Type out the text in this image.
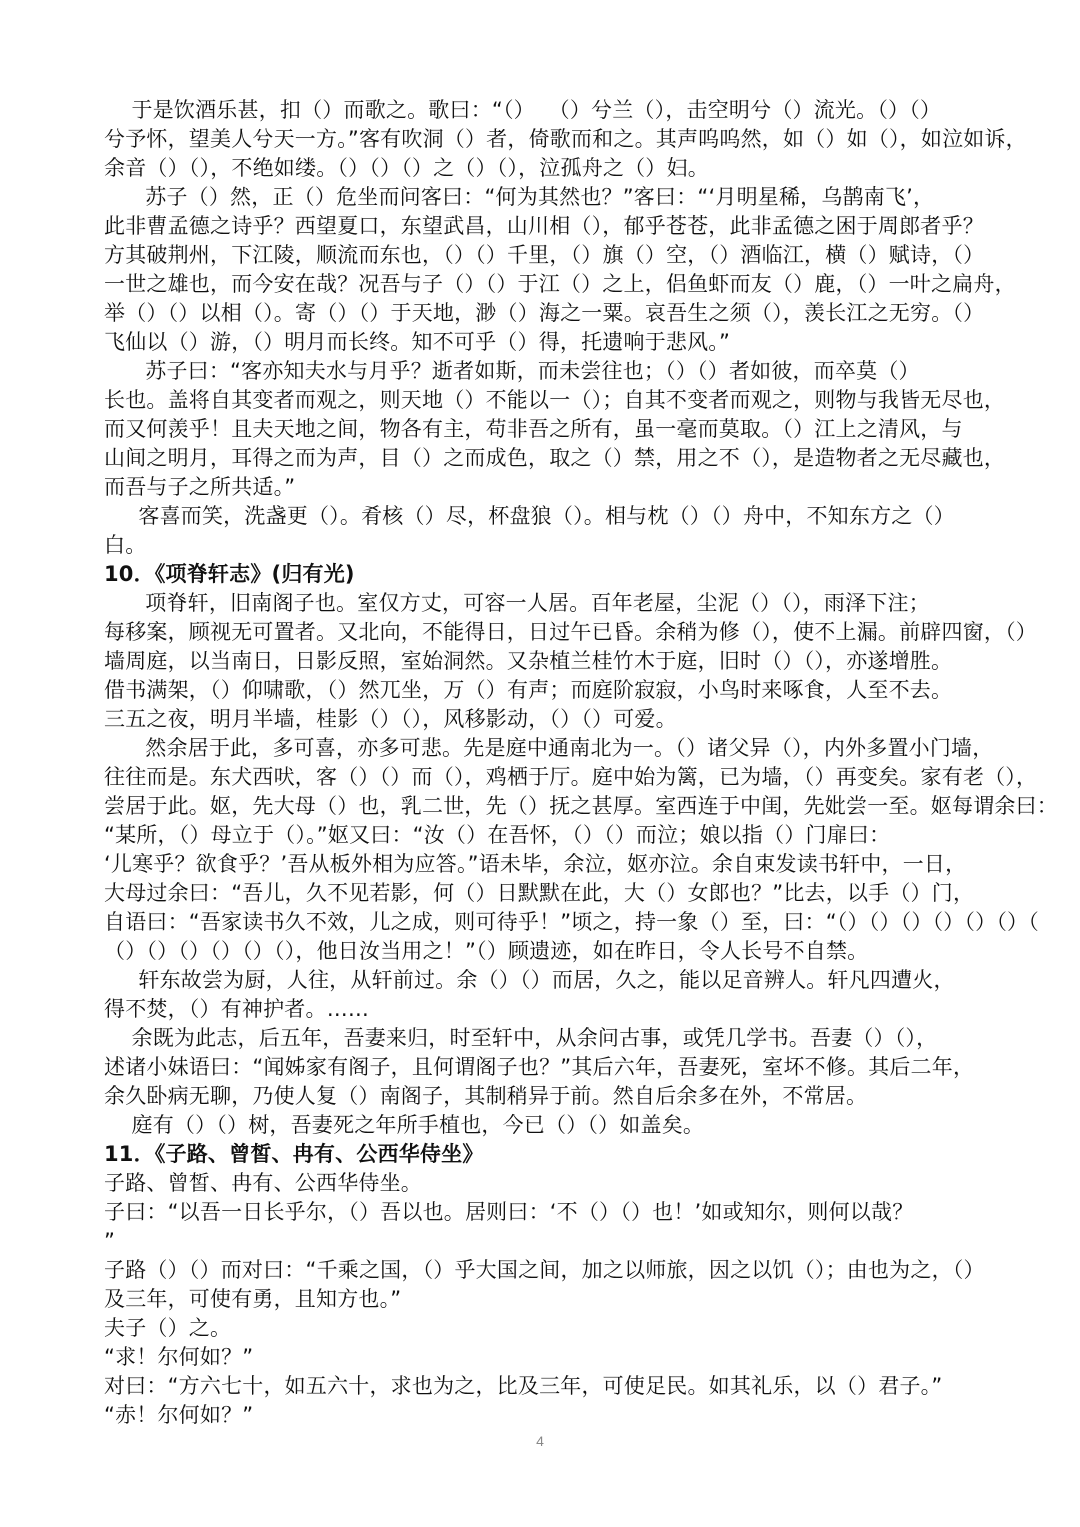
于是饮酒乐甚，扣（）而歌之。歌曰：“（）  （）兮兰（），击空明兮（）流光。（）（）
兮予怀，望美人兮天一方。”客有吹洞（）者，倚歌而和之。其声呜呜然，如（）如（），如泣如诉，
余音（）（），不绝如缕。（）（）（）之（）（），泣孤舟之（）妇。
苏子（）然，正（）危坐而问客曰：“何为其然也？”客曰：“‘月明星稀，乌鹊南飞’，
此非曹孟德之诗乎？西望夏口，东望武昌，山川相（），郁乎苍苍，此非孟德之困于周郎者乎？
方其破荆州，下江陵，顺流而东也，（）（）千里，（）旗（）空，（）酒临江，横（）赋诗，（）
一世之雄也，而今安在哉？况吾与子（）（）于江（）之上，侣鱼虾而友（）鹿，（）一叶之扁舟，
举（）（）以相（）。寄（）（）于天地，渺（）海之一粟。哀吾生之须（），羡长江之无穷。（）
飞仙以（）游，（）明月而长终。知不可乎（）得，托遗响于悲风。”
苏子曰：“客亦知夫水与月乎？逝者如斯，而未尝往也；（）（）者如彼，而卒莫（）
长也。盖将自其变者而观之，则天地（）不能以一（）；自其不变者而观之，则物与我皆无尽也，
而又何羡乎！且夫天地之间，物各有主，苟非吾之所有，虽一毫而莫取。（）江上之清风，与
山间之明月，耳得之而为声，目（）之而成色，取之（）禁，用之不（），是造物者之无尽藏也，
而吾与子之所共适。”
客喜而笑，洗盏更（）。肴核（）尽，杯盘狼（）。相与枕（）（）舟中，不知东方之（）
白。
10．《项脊轩志》(归有光)
项脊轩，旧南阁子也。室仅方丈，可容一人居。百年老屋，尘泥（）（），雨泽下注；
每移案，顾视无可置者。又北向，不能得日，日过午已昏。余稍为修（），使不上漏。前辟四窗，（）
墙周庭，以当南日，日影反照，室始洞然。又杂植兰桂竹木于庭，旧时（）（），亦遂增胜。
借书满架，（）仰啸歌，（）然兀坐，万（）有声；而庭阶寂寂，小鸟时来啄食，人至不去。
三五之夜，明月半墙，桂影（）（），风移影动，（）（）可爱。
然余居于此，多可喜，亦多可悲。先是庭中通南北为一。（）诸父异（），内外多置小门墙，
往往而是。东犬西吠，客（）（）而（），鸡栖于厅。庭中始为篱，已为墙，（）再变矣。家有老（），
尝居于此。妪，先大母（）也，乳二世，先（）抚之甚厚。室西连于中闺，先妣尝一至。妪每谓余曰：
“某所，（）母立于（）。”妪又曰：“汝（）在吾怀，（）（）而泣；娘以指（）门扉曰：
‘儿寒乎？欲食乎？’吾从板外相为应答。”语未毕，余泣，妪亦泣。余自束发读书轩中，一日，
大母过余曰：“吾儿，久不见若影，何（）日默默在此，大（）女郎也？”比去，以手（）门，
自语曰：“吾家读书久不效，儿之成，则可待乎！”顷之，持一象（）至，曰：“（）（）（）（）（）（）（
（）（）（）（）（）（），他日汝当用之！”（）顾遗迹，如在昨日，令人长号不自禁。
轩东故尝为厨，人往，从轩前过。余（）（）而居，久之，能以足音辨人。轩凡四遭火，
得不焚，（）有神护者。……
余既为此志，后五年，吾妻来归，时至轩中，从余问古事，或凭几学书。吾妻（）（），
述诸小妹语曰：“闻姊家有阁子，且何谓阁子也？”其后六年，吾妻死，室坏不修。其后二年，
余久卧病无聊，乃使人复（）南阁子，其制稍异于前。然自后余多在外，不常居。
庭有（）（）树，吾妻死之年所手植也，今已（）（）如盖矣。
11．《子路、曾皙、冉有、公西华侍坐》
子路、曾皙、冉有、公西华侍坐。
子曰：“以吾一日长乎尔，（）吾以也。居则曰：‘不（）（）也！’如或知尔，则何以哉？
”
子路（）（）而对曰：“千乘之国，（）乎大国之间，加之以师旅，因之以饥（）；由也为之，（）
及三年，可使有勇，且知方也。”
夫子（）之。
“求！尔何如？”
对曰：“方六七十，如五六十，求也为之，比及三年，可使足民。如其礼乐，以（）君子。”
“赤！尔何如？”
4
